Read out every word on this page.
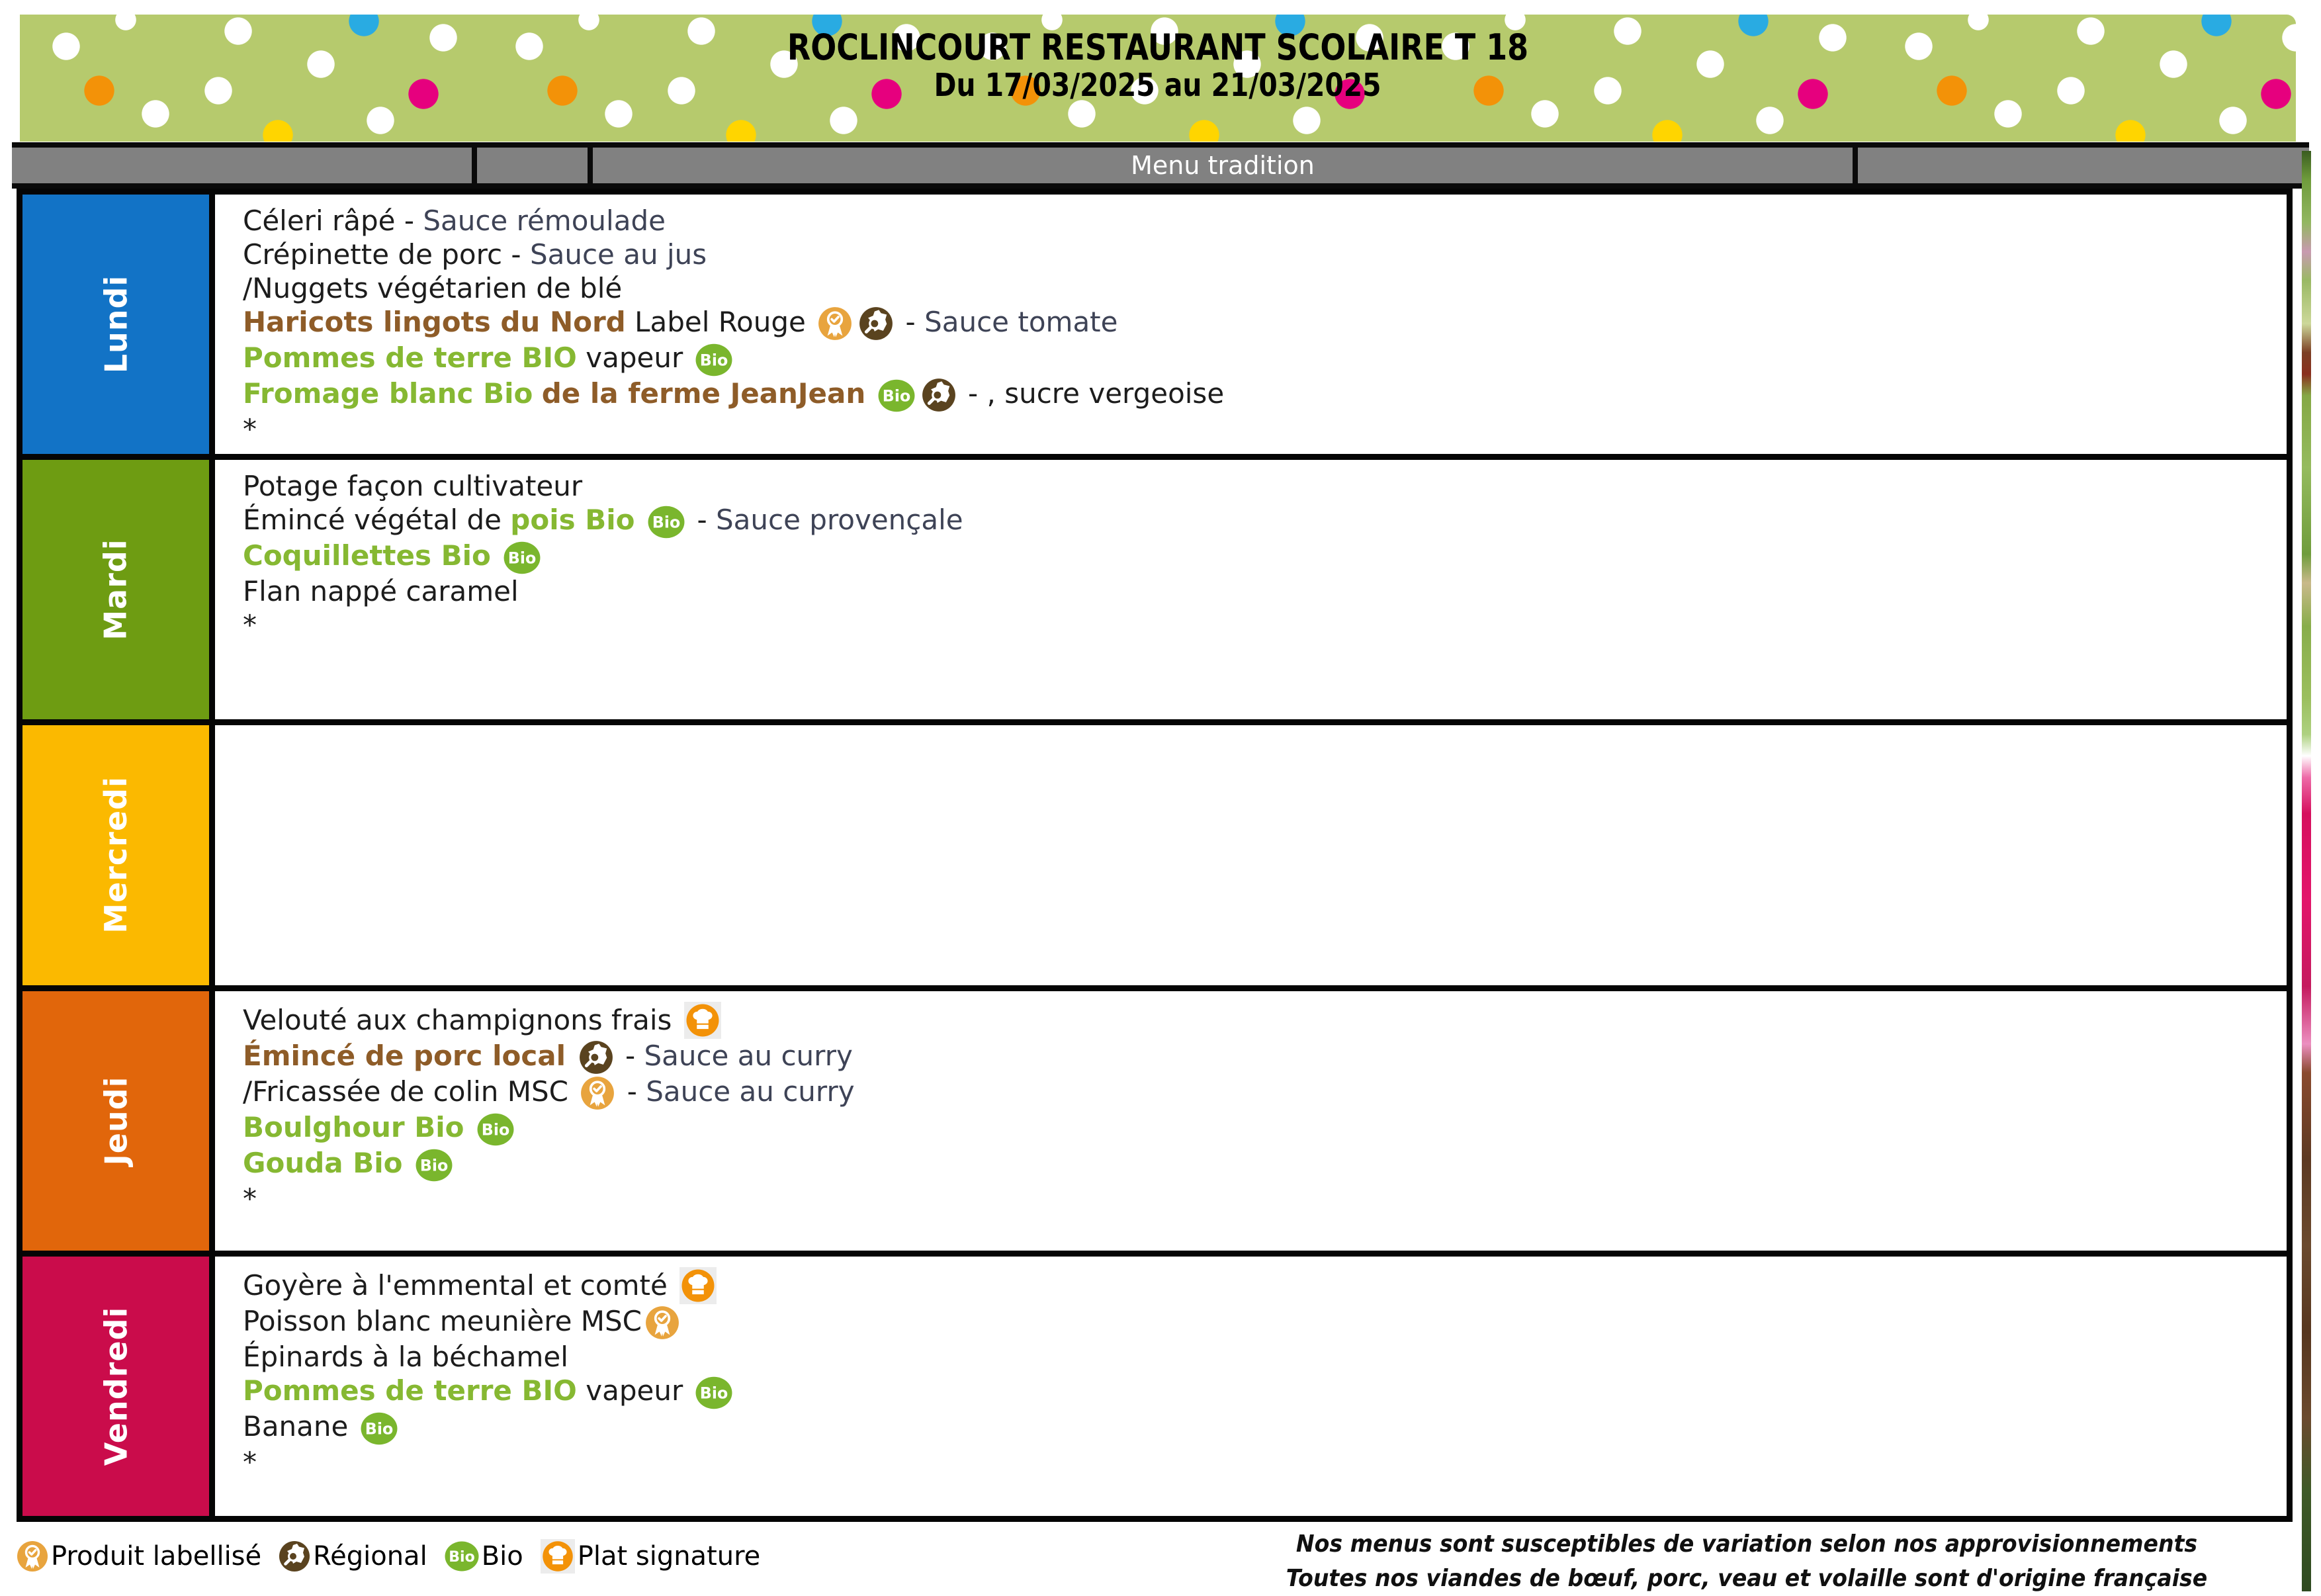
ROCLINCOURT RESTAURANT SCOLAIRE T 18
Du 17/03/2025 au 21/03/2025
Menu tradition
Lundi
Céleri râpé - Sauce rémoulade
Crépinette de porc - Sauce au jus
/Nuggets végétarien de blé
Haricots lingots du Nord Label Rouge	- Sauce tomate
Pommes de terre BIO vapeur Bio
Fromage blanc Bio de la ferme JeanJean Bio - , sucre vergeoise
*
Mardi
Potage façon cultivateur
Émincé végétal de pois Bio Bio - Sauce provençale
Coquillettes Bio Bio
Flan nappé caramel
*
Mercredi
Jeudi
Velouté aux champignons frais
Émincé de porc local  - Sauce au curry
/Fricassée de colin MSC  - Sauce au curry
Boulghour Bio Bio
Gouda Bio Bio
*
Vendredi
Goyère à l'emmental et comté
Poisson blanc meunière MSC
Épinards à la béchamel
Pommes de terre BIO vapeur Bio
Banane Bio
*
Produit labellisé Régional Bio Bio Plat signature	Nos menus sont susceptibles de variation selon nos approvisionnements
Toutes nos viandes de bœuf, porc, veau et volaille sont d'origine française
